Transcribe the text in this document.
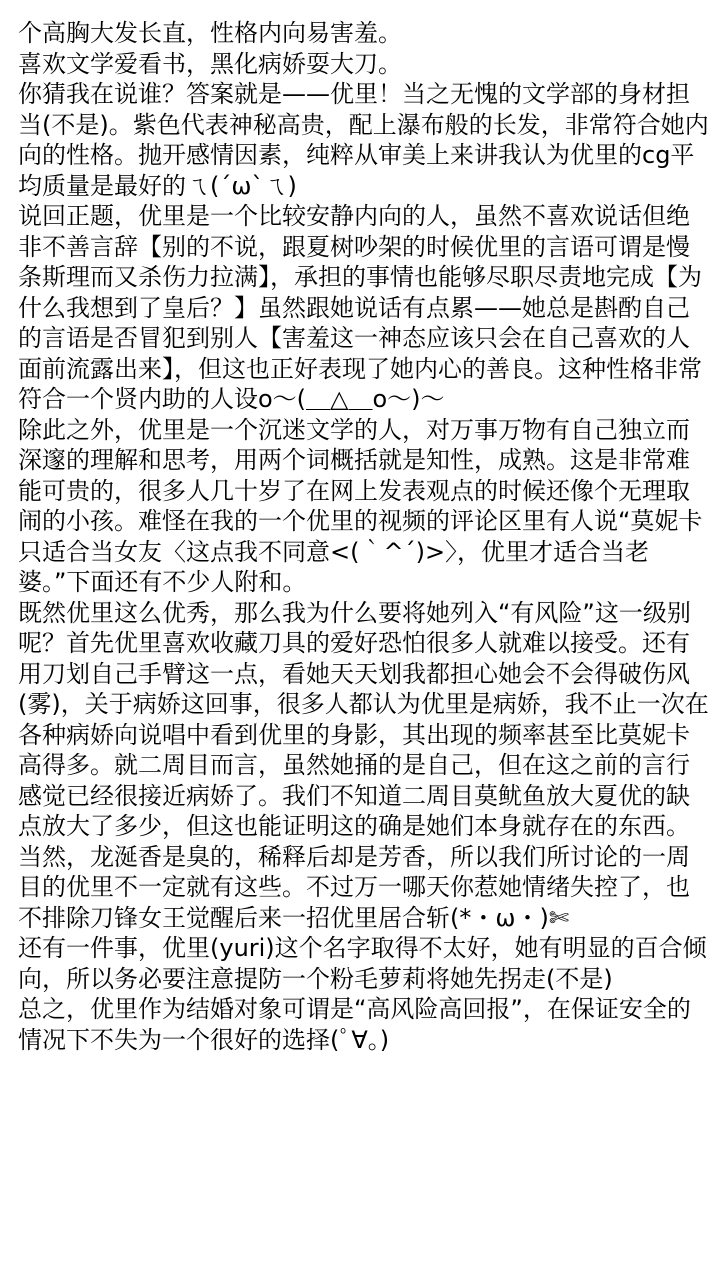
个高胸大发长直，性格内向易害羞。

喜欢文学爱看书，黑化病娇耍大刀。

你猜我在说谁？答案就是——优里！当之无愧的文学部的身材担当(不是)。紫色代表神秘高贵，配上瀑布般的长发，非常符合她内向的性格。抛开感情因素，纯粹从审美上来讲我认为优里的cg平均质量是最好的ㄟ(ˊωˋㄟ)

说回正题，优里是一个比较安静内向的人，虽然不喜欢说话但绝非不善言辞【别的不说，跟夏树吵架的时候优里的言语可谓是慢条斯理而又杀伤力拉满】，承担的事情也能够尽职尽责地完成【为什么我想到了皇后？】虽然跟她说话有点累——她总是斟酌自己的言语是否冒犯到别人【害羞这一神态应该只会在自己喜欢的人面前流露出来】，但这也正好表现了她内心的善良。这种性格非常符合一个贤内助的人设o～(＿△＿o～)～

除此之外，优里是一个沉迷文学的人，对万事万物有自己独立而深邃的理解和思考，用两个词概括就是知性，成熟。这是非常难能可贵的，很多人几十岁了在网上发表观点的时候还像个无理取闹的小孩。难怪在我的一个优里的视频的评论区里有人说“莫妮卡只适合当女友〈这点我不同意<(｀^´)>〉，优里才适合当老婆。”下面还有不少人附和。

既然优里这么优秀，那么我为什么要将她列入“有风险”这一级别呢？首先优里喜欢收藏刀具的爱好恐怕很多人就难以接受。还有用刀划自己手臂这一点，看她天天划我都担心她会不会得破伤风(雾)，关于病娇这回事，很多人都认为优里是病娇，我不止一次在各种病娇向说唱中看到优里的身影，其出现的频率甚至比莫妮卡高得多。就二周目而言，虽然她捅的是自己，但在这之前的言行感觉已经很接近病娇了。我们不知道二周目莫鱿鱼放大夏优的缺点放大了多少，但这也能证明这的确是她们本身就存在的东西。当然，龙涎香是臭的，稀释后却是芳香，所以我们所讨论的一周目的优里不一定就有这些。不过万一哪天你惹她情绪失控了，也不排除刀锋女王觉醒后来一招优里居合斩(*・ω・)✄

还有一件事，优里(yuri)这个名字取得不太好，她有明显的百合倾向，所以务必要注意提防一个粉毛萝莉将她先拐走(不是)

总之，优里作为结婚对象可谓是“高风险高回报”，在保证安全的情况下不失为一个很好的选择(ﾟ∀。)
